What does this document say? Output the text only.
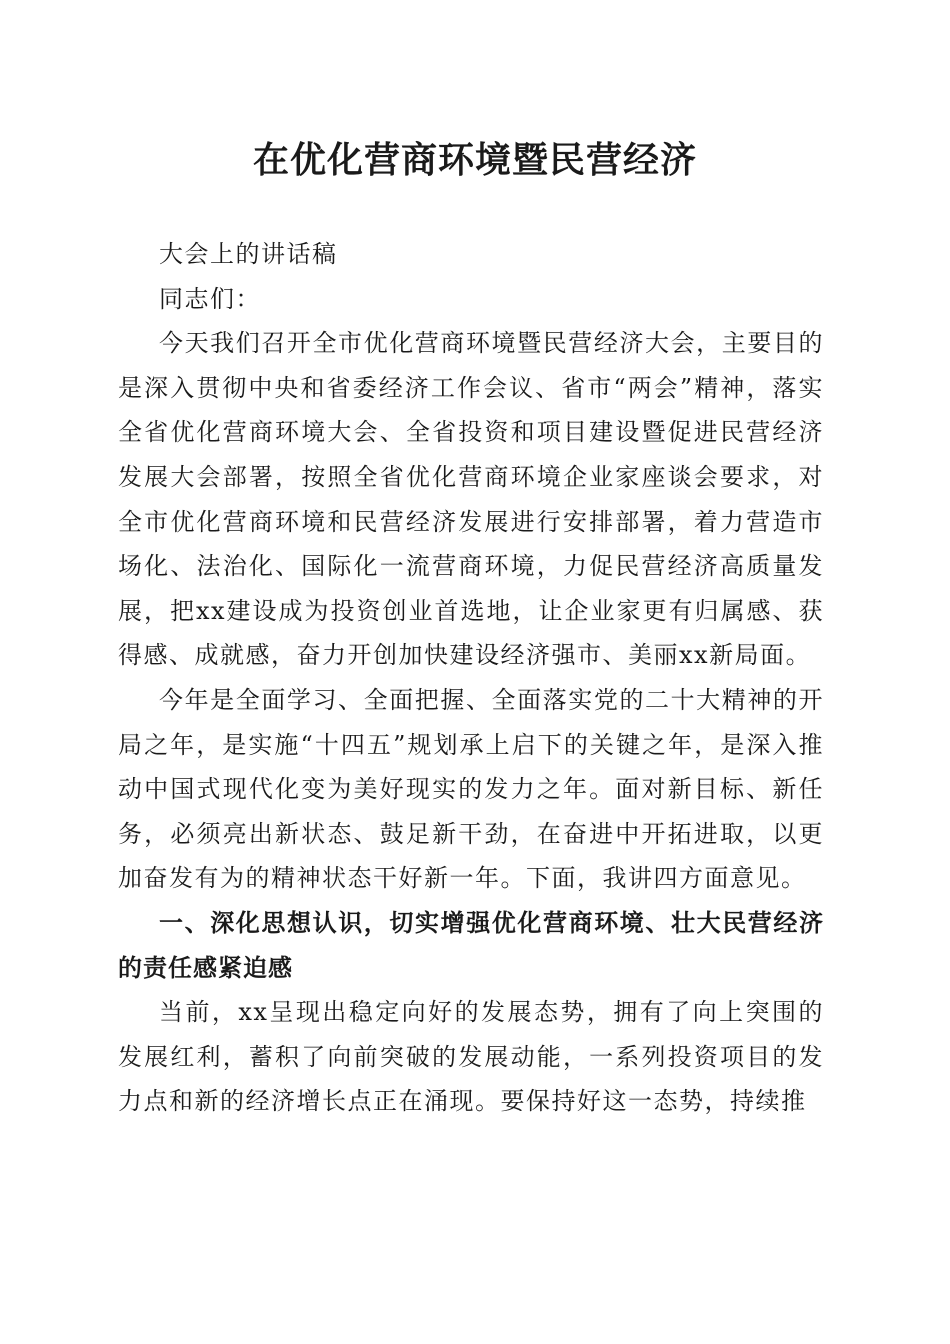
在优化营商环境暨民营经济

大会上的讲话稿

同志们：

今天我们召开全市优化营商环境暨民营经济大会，主要目的是深入贯彻中央和省委经济工作会议、省市“两会”精神，落实全省优化营商环境大会、全省投资和项目建设暨促进民营经济发展大会部署，按照全省优化营商环境企业家座谈会要求，对全市优化营商环境和民营经济发展进行安排部署，着力营造市场化、法治化、国际化一流营商环境，力促民营经济高质量发展，把xx建设成为投资创业首选地，让企业家更有归属感、获得感、成就感，奋力开创加快建设经济强市、美丽xx新局面。

今年是全面学习、全面把握、全面落实党的二十大精神的开局之年，是实施“十四五”规划承上启下的关键之年，是深入推动中国式现代化变为美好现实的发力之年。面对新目标、新任务，必须亮出新状态、鼓足新干劲，在奋进中开拓进取，以更加奋发有为的精神状态干好新一年。下面，我讲四方面意见。

一、深化思想认识，切实增强优化营商环境、壮大民营经济的责任感紧迫感

当前，xx呈现出稳定向好的发展态势，拥有了向上突围的发展红利，蓄积了向前突破的发展动能，一系列投资项目的发力点和新的经济增长点正在涌现。要保持好这一态势，持续推
